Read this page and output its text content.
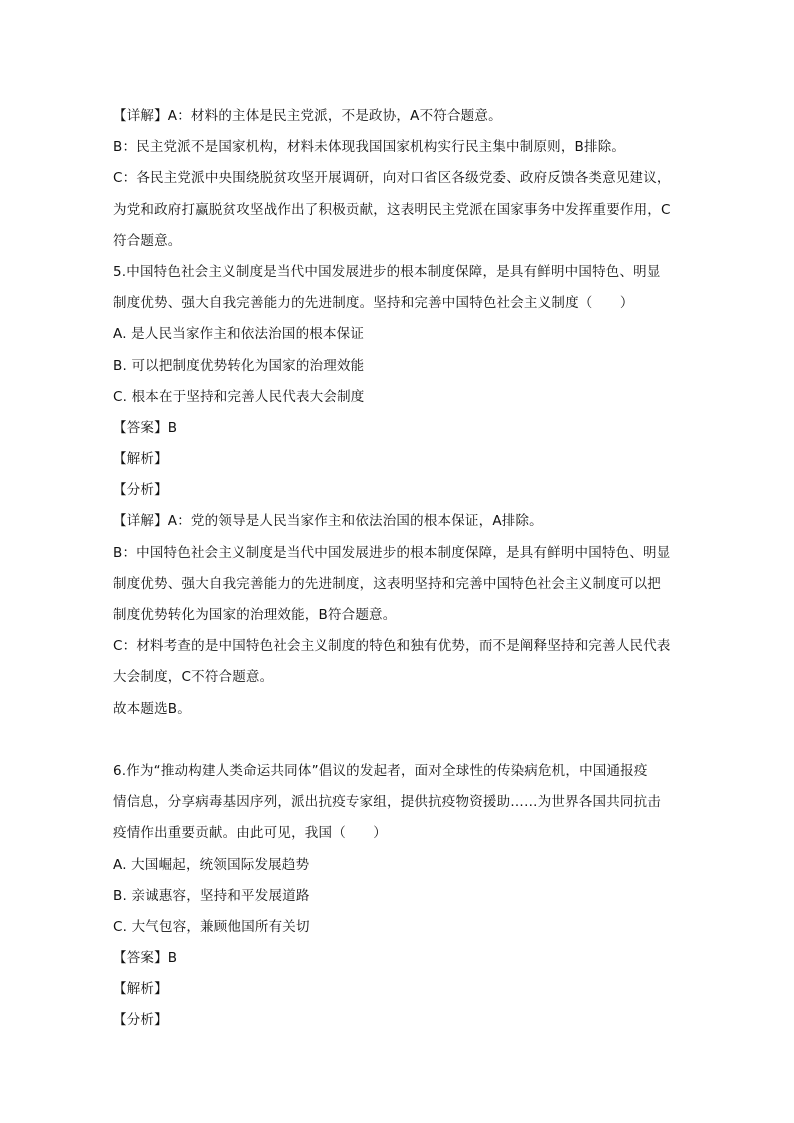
【详解】A：材料的主体是民主党派，不是政协，A不符合题意。
B：民主党派不是国家机构，材料未体现我国国家机构实行民主集中制原则，B排除。
C：各民主党派中央围绕脱贫攻坚开展调研，向对口省区各级党委、政府反馈各类意见建议，
为党和政府打赢脱贫攻坚战作出了积极贡献，这表明民主党派在国家事务中发挥重要作用，C
符合题意。
5.中国特色社会主义制度是当代中国发展进步的根本制度保障，是具有鲜明中国特色、明显
制度优势、强大自我完善能力的先进制度。坚持和完善中国特色社会主义制度（　　）
A. 是人民当家作主和依法治国的根本保证
B. 可以把制度优势转化为国家的治理效能
C. 根本在于坚持和完善人民代表大会制度
【答案】B
【解析】
【分析】
【详解】A：党的领导是人民当家作主和依法治国的根本保证，A排除。
B：中国特色社会主义制度是当代中国发展进步的根本制度保障，是具有鲜明中国特色、明显
制度优势、强大自我完善能力的先进制度，这表明坚持和完善中国特色社会主义制度可以把
制度优势转化为国家的治理效能，B符合题意。
C：材料考查的是中国特色社会主义制度的特色和独有优势，而不是阐释坚持和完善人民代表
大会制度，C不符合题意。
故本题选B。
6.作为“推动构建人类命运共同体”倡议的发起者，面对全球性的传染病危机，中国通报疫
情信息，分享病毒基因序列，派出抗疫专家组，提供抗疫物资援助……为世界各国共同抗击
疫情作出重要贡献。由此可见，我国（　　）
A. 大国崛起，统领国际发展趋势
B. 亲诚惠容，坚持和平发展道路
C. 大气包容，兼顾他国所有关切
【答案】B
【解析】
【分析】
